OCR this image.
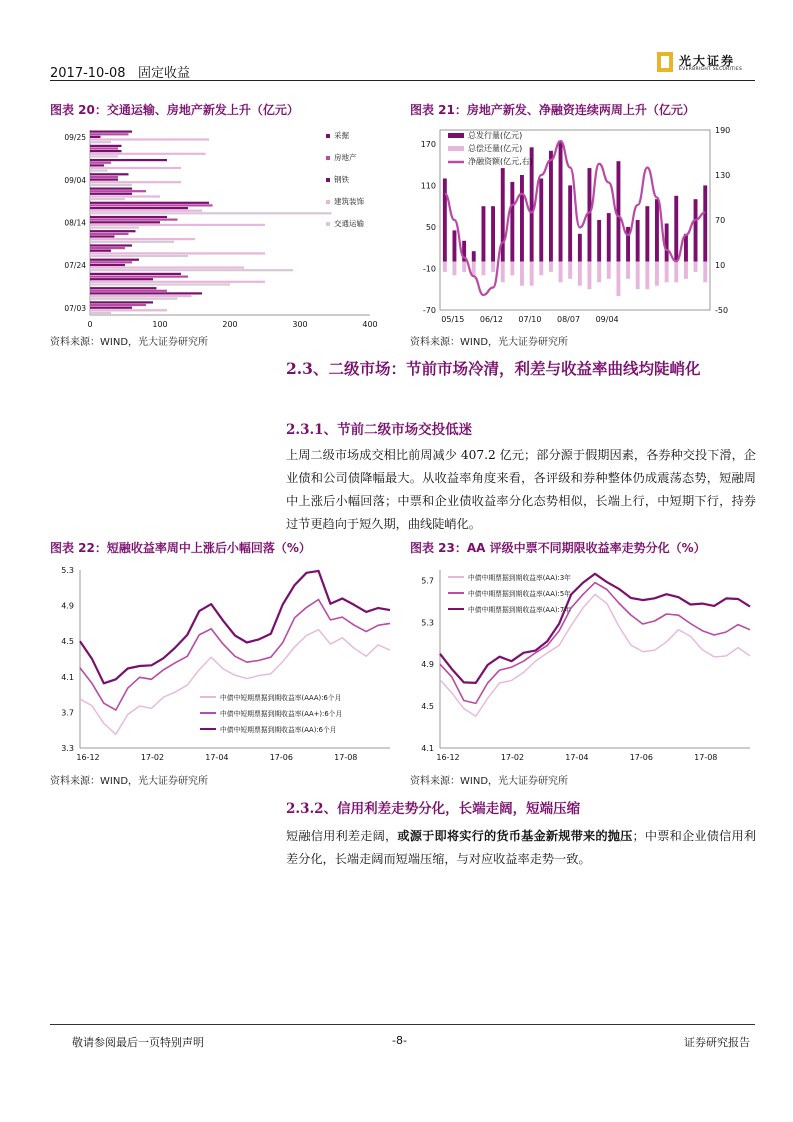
2017-10-08 固定收益
光大证券
EVERBRIGHT SECURITIES
图表 20：交通运输、房地产新发上升（亿元）
09/25
09/04
08/14
07/24
07/03
0	100	200	300	400
采掘
房地产
钢铁
建筑装饰
交通运输
资料来源：WIND，光大证券研究所
图表 21：房地产新发、净融资连续两周上升（亿元）
170
110
50
-10
-70
190
130
70
10
-50
05/15 06/12 07/10 08/07 09/04
总发行量(亿元)
总偿还量(亿元)
净融资额(亿元,右)
资料来源：WIND，光大证券研究所
2.3、二级市场：节前市场冷清，利差与收益率曲线均陡峭化
2.3.1、节前二级市场交投低迷
上周二级市场成交相比前周减少 407.2 亿元；部分源于假期因素，各券种交投下滑，企业债和公司债降幅最大。从收益率角度来看，各评级和券种整体仍成震荡态势，短融周中上涨后小幅回落；中票和企业债收益率分化态势相似，长端上行，中短期下行，持券过节更趋向于短久期，曲线陡峭化。
图表 22：短融收益率周中上涨后小幅回落（%）
5.3
4.9
4.5
4.1
3.7
3.3
16-12	17-02	17-04	17-06	17-08
中债中短期票据到期收益率(AAA):6个月
中债中短期票据到期收益率(AA+):6个月
中债中短期票据到期收益率(AA):6个月
资料来源：WIND，光大证券研究所
图表 23：AA 评级中票不同期限收益率走势分化（%）
5.7
5.3
4.9
4.5
4.1
16-12	17-02	17-04	17-06	17-08
中债中期票据到期收益率(AA):3年
中债中期票据到期收益率(AA):5年
中债中期票据到期收益率(AA):7年
资料来源：WIND，光大证券研究所
2.3.2、信用利差走势分化，长端走阔，短端压缩
短融信用利差走阔，或源于即将实行的货币基金新规带来的抛压；中票和企业债信用利差分化，长端走阔而短端压缩，与对应收益率走势一致。
敬请参阅最后一页特别声明	-8-	证券研究报告
